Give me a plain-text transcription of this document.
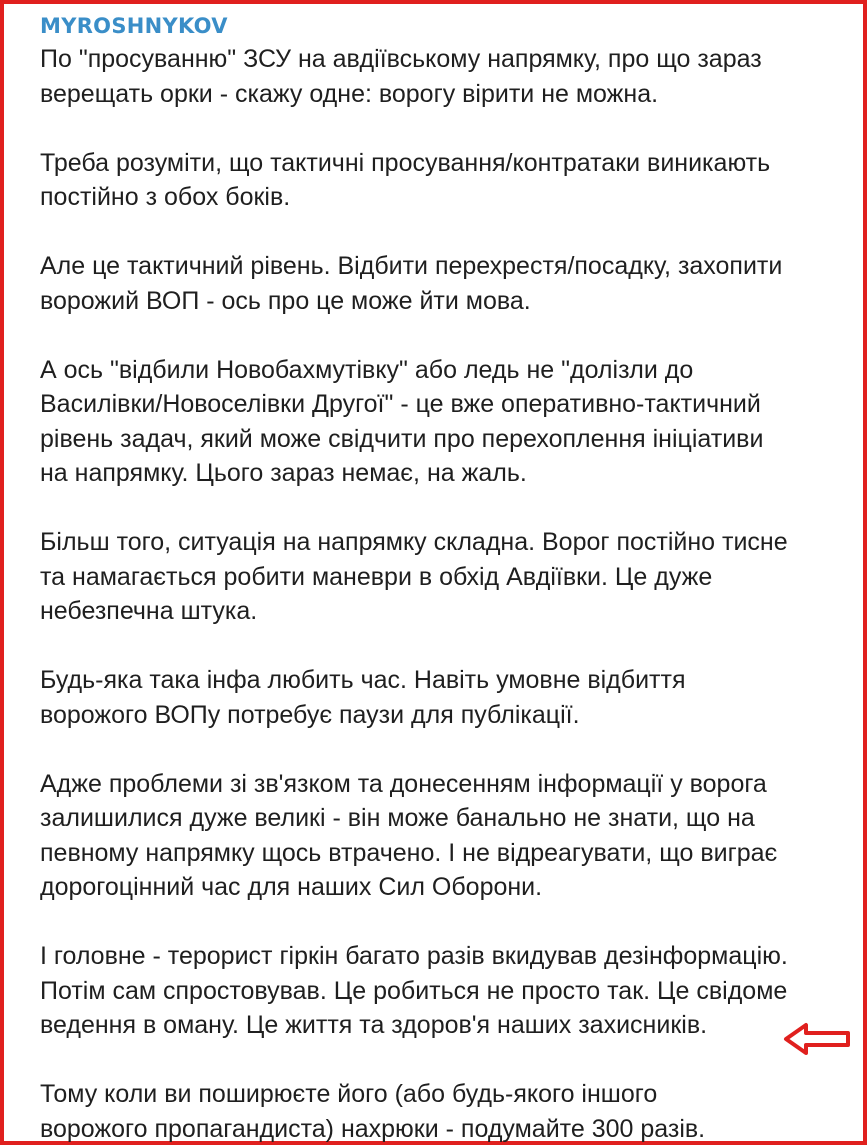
MYROSHNYKOV
По "просуванню" ЗСУ на авдіївському напрямку, про що зараз
верещать орки - скажу одне: ворогу вірити не можна.
Треба розуміти, що тактичні просування/контратаки виникають
постійно з обох боків.
Але це тактичний рівень. Відбити перехрестя/посадку, захопити
ворожий ВОП - ось про це може йти мова.
А ось "відбили Новобахмутівку" або ледь не "долізли до
Василівки/Новоселівки Другої" - це вже оперативно-тактичний
рівень задач, який може свідчити про перехоплення ініціативи
на напрямку. Цього зараз немає, на жаль.
Більш того, ситуація на напрямку складна. Ворог постійно тисне
та намагається робити маневри в обхід Авдіївки. Це дуже
небезпечна штука.
Будь-яка така інфа любить час. Навіть умовне відбиття
ворожого ВОПу потребує паузи для публікації.
Адже проблеми зі зв'язком та донесенням інформації у ворога
залишилися дуже великі - він може банально не знати, що на
певному напрямку щось втрачено. І не відреагувати, що виграє
дорогоцінний час для наших Сил Оборони.
І головне - терорист гіркін багато разів вкидував дезінформацію.
Потім сам спростовував. Це робиться не просто так. Це свідоме
ведення в оману. Це життя та здоров'я наших захисників.
Тому коли ви поширюєте його (або будь-якого іншого
ворожого пропагандиста) нахрюки - подумайте 300 разів.
